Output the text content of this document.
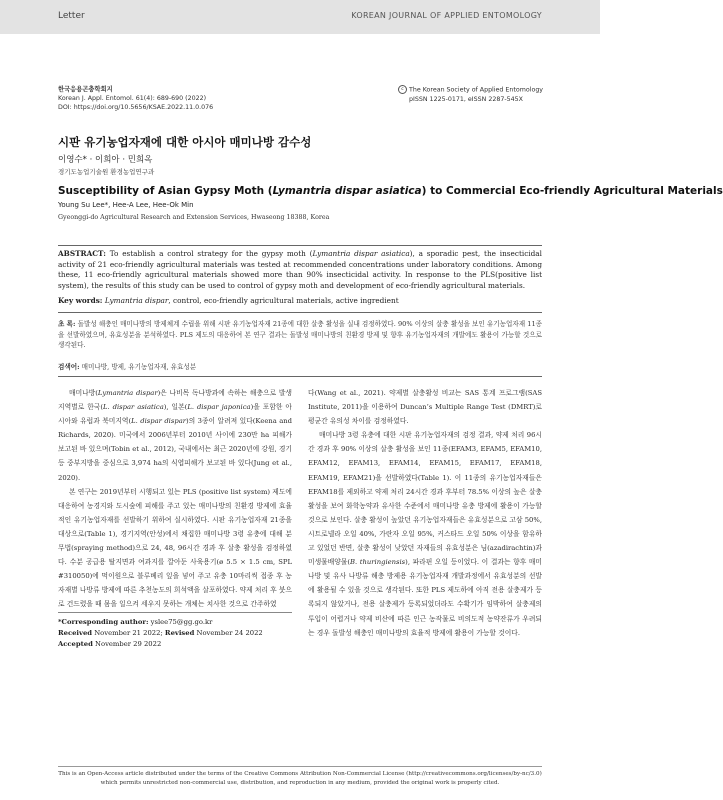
Letter	KOREAN JOURNAL OF APPLIED ENTOMOLOGY
한국응용곤충학회지
Korean J. Appl. Entomol. 61(4): 689-690 (2022)
DOI: https://doi.org/10.5656/KSAE.2022.11.0.076
c The Korean Society of Applied Entomology
pISSN 1225-0171, eISSN 2287-545X
시판 유기농업자재에 대한 아시아 매미나방 감수성
이영수* · 이희아 · 민희옥
경기도농업기술원 환경농업연구과
Susceptibility of Asian Gypsy Moth (Lymantria dispar asiatica) to Commercial Eco-friendly Agricultural Materials
Young Su Lee*, Hee-A Lee, Hee-Ok Min
Gyeonggi-do Agricultural Research and Extension Services, Hwaseong 18388, Korea
ABSTRACT: To establish a control strategy for the gypsy moth (Lymantria dispar asiatica), a sporadic pest, the insecticidal activity of 21 eco-friendly agricultural materials was tested at recommended concentrations under laboratory conditions. Among these, 11 eco-friendly agricultural materials showed more than 90% insecticidal activity. In response to the PLS(positive list system), the results of this study can be used to control of gypsy moth and development of eco-friendly agricultural materials.
Key words: Lymantria dispar, control, eco-friendly agricultural materials, active ingredient
초 록: 돌발성 해충인 매미나방의 방제체계 수립을 위해 시판 유기농업자재 21종에 대한 살충 활성을 실내 검정하였다. 90% 이상의 살충 활성을 보인 유기농업자재 11종을 선발하였으며, 유효성분을 분석하였다. PLS 제도의 대응하여 본 연구 결과는 돌발성 매미나방의 친환경 방제 및 향후 유기농업자재의 개발에도 활용이 가능할 것으로 생각된다.
검색어: 매미나방, 방제, 유기농업자재, 유효성분

매미나방(Lymantria dispar)은 나비목 독나방과에 속하는 해충으로 발생지역별로 한국(L. dispar asiatica), 일본(L. dispar japonica)을 포함한 아시아와 유럽과 북미지역(L. dispar dispar)의 3종이 알려져 있다(Keena and Richards, 2020). 미국에서 2006년부터 2010년 사이에 230만 ha 피해가 보고된 바 있으며(Tobin et al., 2012), 국내에서는 최근 2020년에 강원, 경기 등 중부지방을 중심으로 3,974 ha의 식엽피해가 보고된 바 있다(Jung et al., 2020).

본 연구는 2019년부터 시행되고 있는 PLS (positive list system) 제도에 대응하여 농경지와 도시숲에 피해를 주고 있는 매미나방의 친환경 방제에 효율적인 유기농업자재를 선발하기 위하여 실시하였다. 시판 유기농업자재 21종을 대상으로(Table 1), 경기지역(안성)에서 채집한 매미나방 3령 유충에 대해 분무법(spraying method)으로 24, 48, 96시간 경과 후 살충 활성을 검정하였다. 수분 공급용 탈지면과 여과지를 깔아둔 사육용기(ø 5.5 × 1.5 cm, SPL #310050)에 먹이원으로 블루베리 잎을 넣어 주고 유충 10마리씩 접종 후 농자재별 나방류 방제에 따른 추천농도의 희석액을 살포하였다. 약제 처리 후 붓으로 건드렸을 때 몸을 일으켜 세우지 못하는 개체는 치사한 것으로 간주하였

*Corresponding author: yslee75@gg.go.kr
Received November 21 2022; Revised November 24 2022
Accepted November 29 2022

다(Wang et al., 2021). 약제별 살충활성 비교는 SAS 통계 프로그램(SAS Institute, 2011)을 이용하여 Duncan’s Multiple Range Test (DMRT)로 평균간 유의성 차이를 검정하였다.

매미나방 3령 유충에 대한 시판 유기농업자재의 검정 결과, 약제 처리 96시간 경과 후 90% 이상의 살충 활성을 보인 11종(EFAM3, EFAM5, EFAM10, EFAM12, EFAM13, EFAM14, EFAM15, EFAM17, EFAM18, EFAM19, EFAM21)을 선발하였다(Table 1). 이 11종의 유기농업자재들은 EFAM18를 제외하고 약제 처리 24시간 경과 후부터 78.5% 이상의 높은 살충 활성을 보여 화학농약과 유사한 수준에서 매미나방 유충 방제에 활용이 가능할 것으로 보인다. 살충 활성이 높았던 유기농업자재들은 유효성분으로 고삼 50%, 시트로넬라 오일 40%, 가란자 오일 95%, 커스타드 오일 50% 이상을 함유하고 있었던 반면, 살충 활성이 낮았던 자재들의 유효성분은 님(azadirachtin)과 미생물배양물(B. thuringiensis), 파라핀 오일 등이었다. 이 결과는 향후 매미나방 및 유사 나방류 해충 방제용 유기농업자재 개발과정에서 유효성분의 선발에 활용될 수 있을 것으로 생각된다. 또한 PLS 제도하에 아직 전용 살충제가 등록되지 않았거나, 전용 살충제가 등록되었더라도 수확기가 임박하여 살충제의 투입이 어렵거나 약제 비산에 따른 인근 농작물로 비의도적 농약잔류가 우려되는 경우 돌발성 해충인 매미나방의 효율적 방제에 활용이 가능할 것이다.

This is an Open-Access article distributed under the terms of the Creative Commons Attribution Non-Commercial License (http://creativecommons.org/licenses/by-nc/3.0)
which permits unrestricted non-commercial use, distribution, and reproduction in any medium, provided the original work is properly cited.
